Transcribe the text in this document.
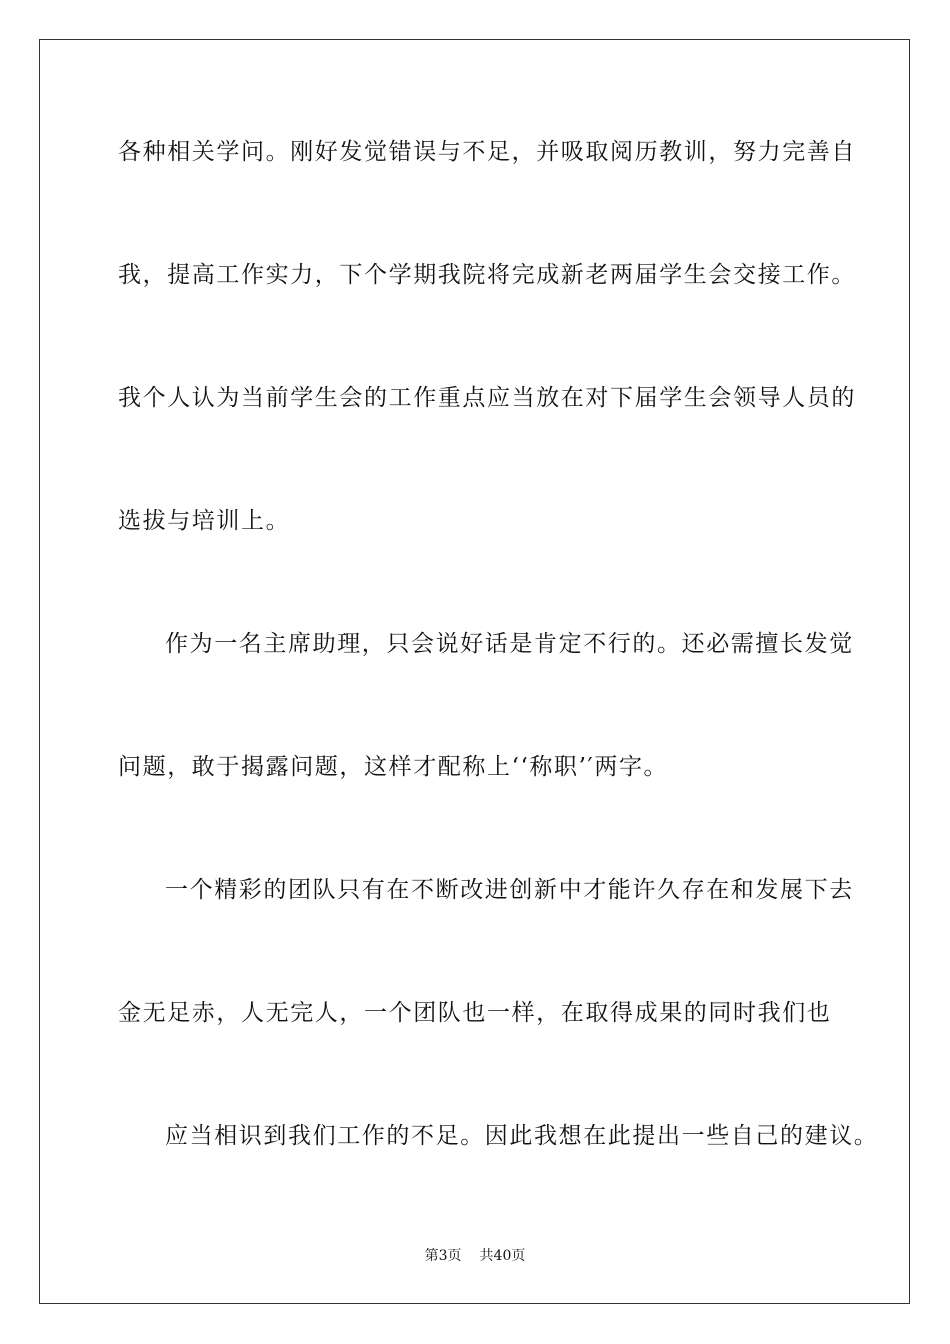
各种相关学问。刚好发觉错误与不足，并吸取阅历教训，努力完善自
我，提高工作实力，下个学期我院将完成新老两届学生会交接工作。
我个人认为当前学生会的工作重点应当放在对下届学生会领导人员的
选拔与培训上。
作为一名主席助理，只会说好话是肯定不行的。还必需擅长发觉
问题，敢于揭露问题，这样才配称上‘‘称职’′两字。
一个精彩的团队只有在不断改进创新中才能许久存在和发展下去
金无足赤，人无完人，一个团队也一样，在取得成果的同时我们也
应当相识到我们工作的不足。因此我想在此提出一些自己的建议。
第3页 共40页
